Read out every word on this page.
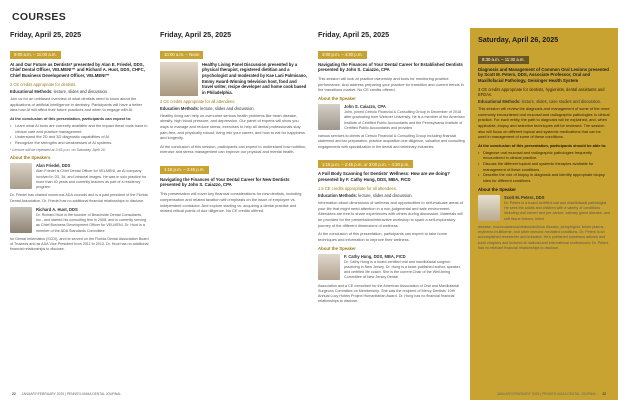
COURSES
Friday, April 25, 2025
9:00 a.m. – 11:00 a.m.
AI and Our Future as Dentists* presented by Alan E. Friedel, DDS, Chief Dental Officer, VELMENI™ and Richard A. Huot, DDS, CHFC, Chief Business Development Officer, VELMENI™
2 CE credits appropriate for dentists.
Educational Methods: lecture, slides and discussion.
Join us for an unbiased overview of what dentists need to know about the applications of artificial intelligence in dentistry. Participants will have a better idea how AI will affect their future practices and when to engage with AI.
At the conclusion of this presentation, participants can expect to:
• Learn what AI tools are currently available and the impact these tools have in clinical care and practice management.
• Understand the 2D and 3D diagnostic capabilities of AI.
• Recognize the strengths and weaknesses of AI systems.
* Lecture will be repeated at 2:45 p.m. on Saturday, April 26.
About the Speakers
Alan Friedel, DDS
Alan Friedel is Chief Dental Officer for VELMENI, an AI company involved in 2D, 3d, and Intraoral images. He was in solo practice for more than 40 years and currently teaches as part of a residency program.
Dr. Friedel has chaired numerous ADA councils and is a past president of the Florida Dental Association. Dr. Friedel has no additional financial relationships to disclose.
Richard A. Huot, DDS
Dr. Richard Huot is the founder of Beachside Dental Consultants, Inc., and started his consulting firm in 2008, and is currently serving as Chief Business Development Officer for VELMENI. Dr. Huot is a member of the ADA Standards Committee
for Dental Informatics (SCDI), and he served on the Florida Dental Association Board of Trustees and as ADA Vice President from 2011 to 2013. Dr. Huot has no additional financial relationships to disclose.
Friday, April 25, 2025
10:00 a.m. – Noon
Healthy Living Panel Discussion presented by a physical therapist, registered dietitian and a psychologist and moderated by Kae Lani Palmisano, Emmy Award-Winning television host, food and travel writer, recipe developer and home cook based in Philadelphia.
2 CE credits appropriate for all attendees.
Education Methods: lecture, slides and discussion.
Healthy living can help us overcome serious health problems like heart disease, obesity, high blood pressure, and depression. Our panel of experts will show you ways to manage and reduce stress, exercises to help all dental professionals stay pain-free, and physically robust, living into your career, and how to eat for happiness and longevity.
At the conclusion of this session, participants can expect to understand how nutrition, exercise and stress management can improve our physical and mental health.
1:15 p.m. – 2:45 p.m.
Navigating the Finances of Your Dental Career for New Dentists presented by John S. Caiazzo, CPA
This presentation will cover key financial considerations for new dentists, including compensation and related taxation with emphasis on the issue of employee vs. independent contractor. And explore starting vs. acquiring a dental practice and related critical points of due diligence. No CE credits offered.
Friday, April 25, 2025
3:00 p.m. – 4:30 p.m.
Navigating the Finances of Your Dental Career for Established Dentists presented by John S. Caiazzo, CPA
This session will look at practice ownership and tools for monitoring practice performance. And address preparing your practice for transition and current trends in the transitions market. No CE credits offered.
About the Speaker
John S. Caiazzo, CPA
John, joined Cetrulo Financial & Consulting Group in December of 2018 after graduating from Widener University. He is a member of the American Institute of Certified Public Accountants and the Pennsylvania Institute of Certified Public Accountants and provides
various services to clients at Cetrulo Financial & Consulting Group including financial statement and tax preparation, practice acquisition due diligence, valuation and consulting engagements with specialization in the dental and veterinary industries.
1:15 p.m. – 2:45 p.m. or 3:00 p.m. – 4:30 p.m.
A Full Body Scanning for Dentists' Wellness: How are we doing? presented by F. Cathy Hung, DDS, MBA, FICD
1.5 CE credits appropriate for all attendees.
Education Methods: lecture, slides and discussion.
Information about dimensions of wellness and opportunities to self-evaluate areas of your life that might need attention in a non-judgmental and safe environment. Attendees are free to share experiences with others during discussion. Materials will be provided for the presentation/interactive workshop to spark a self-exploratory journey of the different dimensions of wellness.
At the conclusion of this presentation, participants can expect to take home techniques and information to improve their wellness.
About the Speaker
F. Cathy Hung, DDS, MBA, FICD
Dr. Cathy Hung is a board-certified oral and maxillofacial surgeon practicing in New Jersey. Dr. Hung is a twice-published author, speaker, and certified life coach. She is the current Chair of the Well-being Committee at New Jersey Dental
Association and a CE consultant for the American Association of Oral and Maxillofacial Surgeons Committee on Membership. She was the recipient of Mercy Dentists' 10th Annual Lucy Hobbs Project Humanitarian Award. Dr. Hung has no financial financial relationships to disclose.
Saturday, April 26, 2025
8:30 a.m. – 11:30 a.m.
Diagnosis and Management of Common Oral Lesions presented by Scott M. Peters, DDS, Associate Professor, Oral and Maxillofacial Pathology, Geisinger Health System
3 CE credits appropriate for dentists, hygienists, dental assistants and EFDAs.
Educational Methods: lecture, slides, case studies and discussion.
This session will review the diagnosis and management of some of the more commonly encountered oral mucosal and radiographic pathologies in clinical practice. For each entity, the path to diagnosis will be explained, and, when applicable, biopsy and selection techniques will be reviewed. The session also will focus on different topical and systemic medications that can be used in management of some of these conditions.
At the conclusion of this presentation, participants should be able to:
• Diagnose oral mucosal and radiographic pathologies frequently encountered in clinical practice.
• Discuss the different topical and systemic therapies available for management of these conditions.
• Describe the role of biopsy in diagnosis and identify appropriate biopsy sites for different conditions.
About the Speaker
Scott M. Peters, DDS
Dr. Peters is a board-certified oral and maxillofacial pathologist. He sees the adults and children with a variety of conditions including oral cancer and pre-cancer, salivary gland disease, and soft tissue lesions. Infect
disease, mucocutaneous/vesiculobullous disease, pemphigoid, lichen planus, erythema multiforme, and other immune-mediated conditions. Dr. Peters is an accomplished researcher and educator. He's published numerous articles and book chapters and lectured at national and international conferences. Dr. Peters has no relevant financial relationships to disclose.
22 JANUARY/FEBRUARY 2025 | PENNSYLVANIA DENTAL JOURNAL	JANUARY/FEBRUARY 2025 | PENNSYLVANIA DENTAL JOURNAL 23
